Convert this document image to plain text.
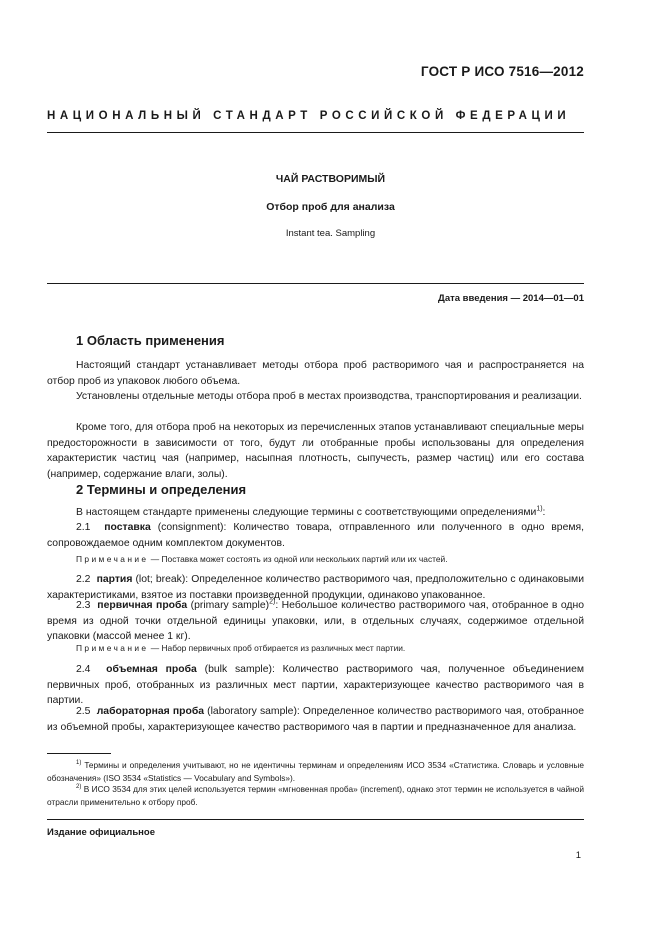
ГОСТ Р ИСО 7516—2012
НАЦИОНАЛЬНЫЙ СТАНДАРТ РОССИЙСКОЙ ФЕДЕРАЦИИ
ЧАЙ РАСТВОРИМЫЙ
Отбор проб для анализа
Instant tea. Sampling
Дата введения — 2014—01—01
1 Область применения
Настоящий стандарт устанавливает методы отбора проб растворимого чая и распространяется на отбор проб из упаковок любого объема.
Установлены отдельные методы отбора проб в местах производства, транспортирования и реализации.
Кроме того, для отбора проб на некоторых из перечисленных этапов устанавливают специальные меры предосторожности в зависимости от того, будут ли отобранные пробы использованы для определения характеристик частиц чая (например, насыпная плотность, сыпучесть, размер частиц) или его состава (например, содержание влаги, золы).
2 Термины и определения
В настоящем стандарте применены следующие термины с соответствующими определениями$^{1)}$:
2.1 поставка (consignment): Количество товара, отправленного или полученного в одно время, сопровождаемое одним комплектом документов.
Примечание — Поставка может состоять из одной или нескольких партий или их частей.
2.2 партия (lot; break): Определенное количество растворимого чая, предположительно с одинаковыми характеристиками, взятое из поставки произведенной продукции, одинаково упакованное.
2.3 первичная проба (primary sample)$^{2)}$: Небольшое количество растворимого чая, отобранное в одно время из одной точки отдельной единицы упаковки, или, в отдельных случаях, содержимое отдельной упаковки (массой менее 1 кг).
Примечание — Набор первичных проб отбирается из различных мест партии.
2.4 объемная проба (bulk sample): Количество растворимого чая, полученное объединением первичных проб, отобранных из различных мест партии, характеризующее качество растворимого чая в партии.
2.5 лабораторная проба (laboratory sample): Определенное количество растворимого чая, отобранное из объемной пробы, характеризующее качество растворимого чая в партии и предназначенное для анализа.
$^{1)}$ Термины и определения учитывают, но не идентичны терминам и определениям ИСО 3534 «Статистика. Словарь и условные обозначения» (ISO 3534 «Statistics — Vocabulary and Symbols»).
$^{2)}$ В ИСО 3534 для этих целей используется термин «мгновенная проба» (increment), однако этот термин не используется в чайной отрасли применительно к отбору проб.
Издание официальное
1
